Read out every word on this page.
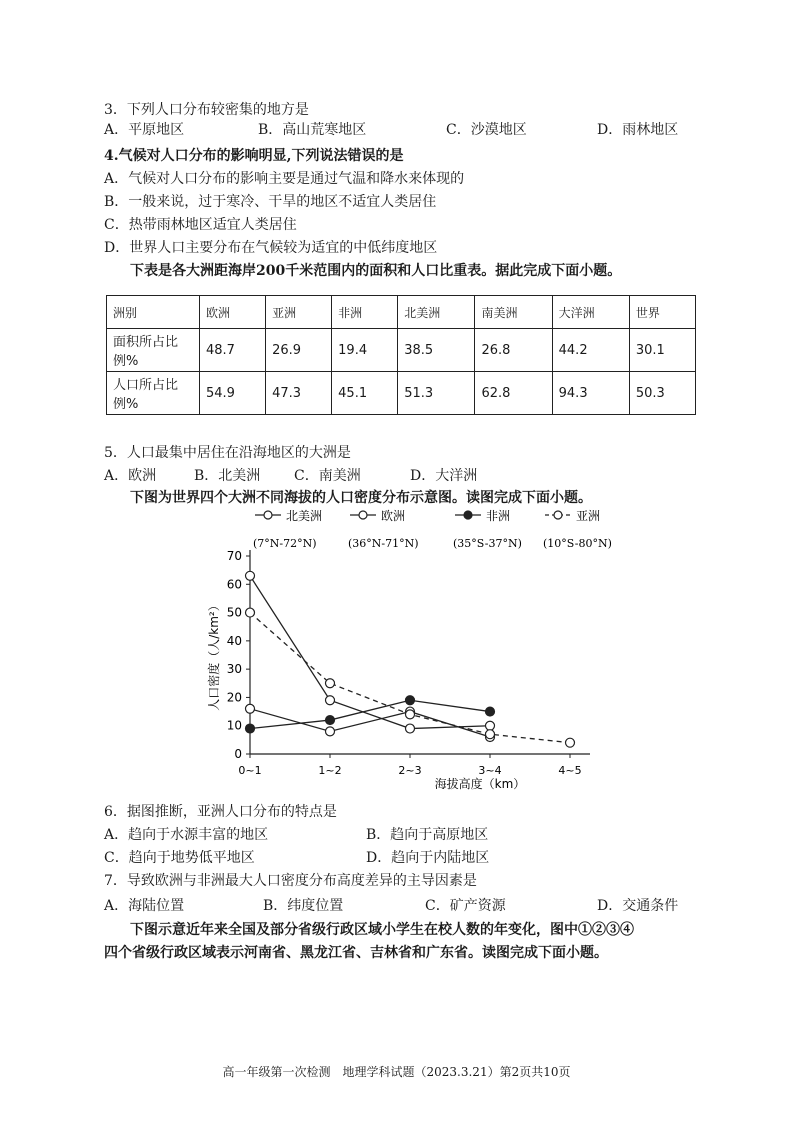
3．下列人口分布较密集的地方是
A．平原地区	B．高山荒寒地区	C．沙漠地区	D．雨林地区
4.气候对人口分布的影响明显,下列说法错误的是
A．气候对人口分布的影响主要是通过气温和降水来体现的
B．一般来说，过于寒冷、干旱的地区不适宜人类居住
C．热带雨林地区适宜人类居住
D．世界人口主要分布在气候较为适宜的中低纬度地区
下表是各大洲距海岸200千米范围内的面积和人口比重表。据此完成下面小题。
洲别	欧洲	亚洲	非洲	北美洲	南美洲	大洋洲	世界
面积所占比例%	48.7	26.9	19.4	38.5	26.8	44.2	30.1
人口所占比例%	54.9	47.3	45.1	51.3	62.8	94.3	50.3
5．人口最集中居住在沿海地区的大洲是
A．欧洲	B．北美洲 C．南美洲	D．大洋洲
下图为世界四个大洲不同海拔的人口密度分布示意图。读图完成下面小题。
0
10
20
30
40
50
60
70
0~1	1~2	2~3	3~4	4~5
海拔高度（km）
人口密度（人/km²）
北美洲
(7°N-72°N)
欧洲
(36°N-71°N)
非洲
(35°S-37°N)
亚洲
(10°S-80°N)
6．据图推断，亚洲人口分布的特点是
A．趋向于水源丰富的地区	B．趋向于高原地区
C．趋向于地势低平地区	D．趋向于内陆地区
7．导致欧洲与非洲最大人口密度分布高度差异的主导因素是
A．海陆位置	B．纬度位置	C．矿产资源	D．交通条件
下图示意近年来全国及部分省级行政区域小学生在校人数的年变化，图中①②③④
四个省级行政区域表示河南省、黑龙江省、吉林省和广东省。读图完成下面小题。
高一年级第一次检测　地理学科试题（2023.3.21）第2页共10页
